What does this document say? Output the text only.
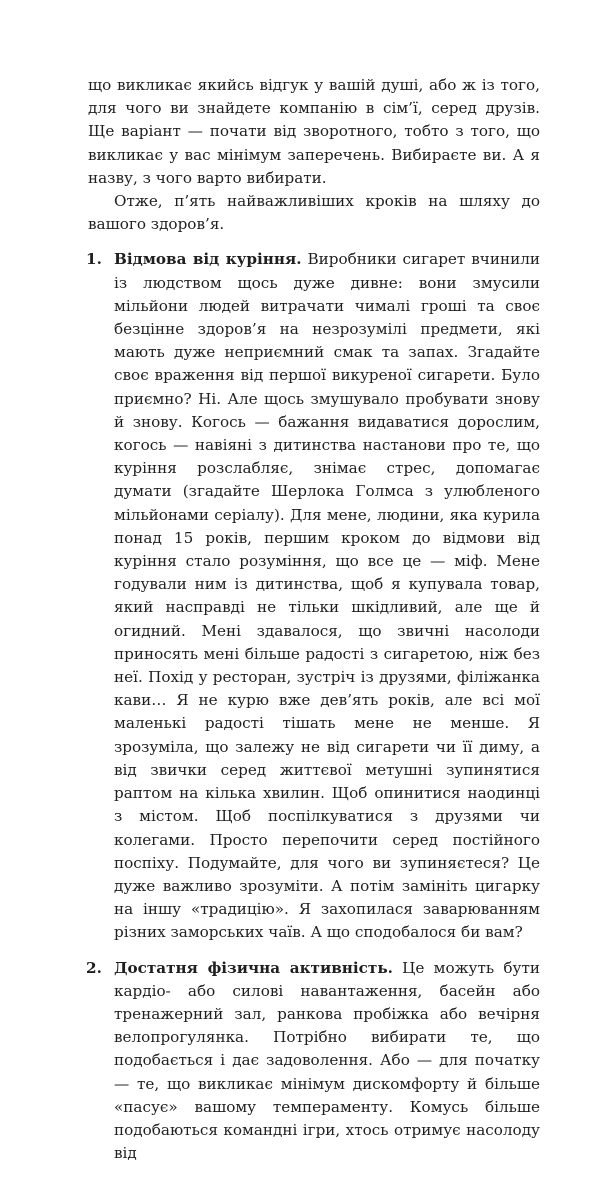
що викликає якийсь відгук у вашій душі, або ж із того, для чого ви знайдете компанію в сім’ї, серед друзів. Ще варіант — почати від зворотного, тобто з того, що викликає у вас мінімум заперечень. Вибираєте ви. А я назву, з чого варто вибирати.

Отже, п’ять найважливіших кроків на шляху до вашого здоров’я.

1. Відмова від куріння. Виробники сигарет вчинили із людством щось дуже дивне: вони змусили мільйони людей витрачати чималі гроші та своє безцінне здоров’я на незрозумілі предмети, які мають дуже неприємний смак та запах. Згадайте своє враження від першої викуреної сигарети. Було приємно? Ні. Але щось змушувало пробувати знову й знову. Когось — бажання видаватися дорослим, когось — навіяні з дитинства настанови про те, що куріння розслабляє, знімає стрес, допомагає думати (згадайте Шерлока Голмса з улюбленого мільйонами серіалу). Для мене, людини, яка курила понад 15 років, першим кроком до відмови від куріння стало розуміння, що все це — міф. Мене годували ним із дитинства, щоб я купувала товар, який насправді не тільки шкідливий, але ще й огидний. Мені здавалося, що звичні насолоди приносять мені більше радості з сигаретою, ніж без неї. Похід у ресторан, зустріч із друзями, філіжанка кави… Я не курю вже дев’ять років, але всі мої маленькі радості тішать мене не менше. Я зрозуміла, що залежу не від сигарети чи її диму, а від звички серед життєвої метушні зупинятися раптом на кілька хвилин. Щоб опинитися наодинці з містом. Щоб поспілкуватися з друзями чи колегами. Просто перепочити серед постійного поспіху. Подумайте, для чого ви зупиняєтеся? Це дуже важливо зрозуміти. А потім замініть цигарку на іншу «традицію». Я захопилася заварюванням різних заморських чаїв. А що сподобалося би вам?

2. Достатня фізична активність. Це можуть бути кардіо- або силові навантаження, басейн або тренажерний зал, ранкова пробіжка або вечірня велопрогулянка. Потрібно вибирати те, що подобається і дає задоволення. Або — для початку — те, що викликає мінімум дискомфорту й більше «пасує» вашому темпераменту. Комусь більше подобаються командні ігри, хтось отримує насолоду від
